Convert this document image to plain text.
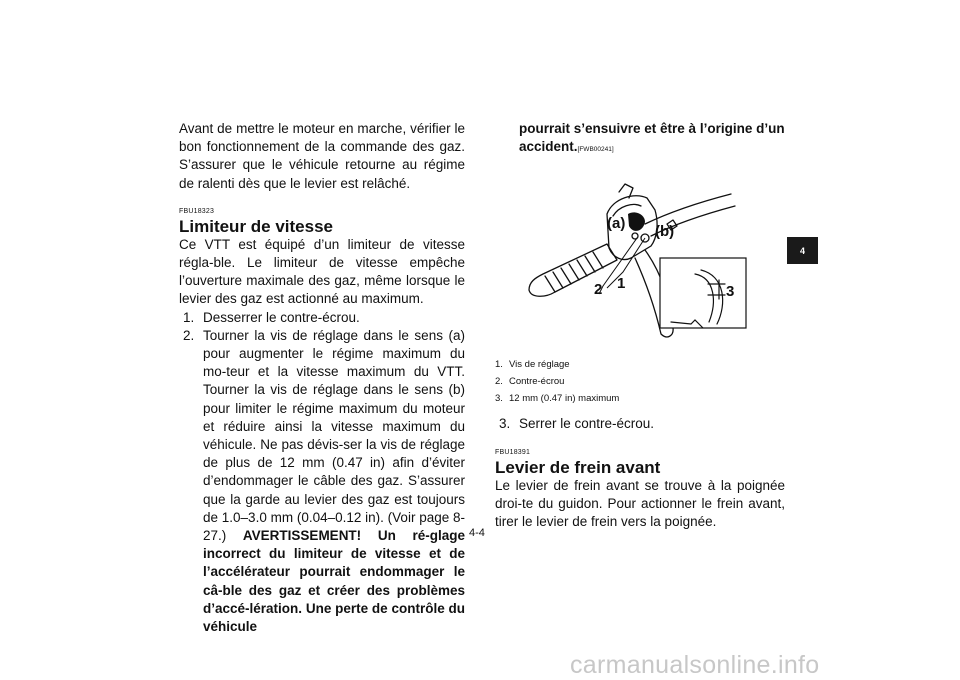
Avant de mettre le moteur en marche, vérifier le bon fonctionnement de la commande des gaz. S’assurer que le véhicule retourne au régime de ralenti dès que le levier est relâché.

FBU18323
Limiteur de vitesse

Ce VTT est équipé d’un limiteur de vitesse régla-ble. Le limiteur de vitesse empêche l’ouverture maximale des gaz, même lorsque le levier des gaz est actionné au maximum.

1. Desserrer le contre-écrou.
2. Tourner la vis de réglage dans le sens (a) pour augmenter le régime maximum du mo-teur et la vitesse maximum du VTT. Tourner la vis de réglage dans le sens (b) pour limiter le régime maximum du moteur et réduire ainsi la vitesse maximum du véhicule. Ne pas dévis-ser la vis de réglage de plus de 12 mm (0.47 in) afin d’éviter d’endommager le câble des gaz. S’assurer que la garde au levier des gaz est toujours de 1.0–3.0 mm (0.04–0.12 in). (Voir page 8-27.) AVERTISSEMENT! Un ré-glage incorrect du limiteur de vitesse et de l’accélérateur pourrait endommager le câ-ble des gaz et créer des problèmes d’accé-lération. Une perte de contrôle du véhicule

pourrait s’ensuivre et être à l’origine d’un accident.[FWB00241]

(a) (b)
1
2	3
1. Vis de réglage
2. Contre-écrou
3. 12 mm (0.47 in) maximum
3. Serrer le contre-écrou.
FBU18391
Levier de frein avant

Le levier de frein avant se trouve à la poignée droi-te du guidon. Pour actionner le frein avant, tirer le levier de frein vers la poignée.

4-4
4
carmanualsonline.info
